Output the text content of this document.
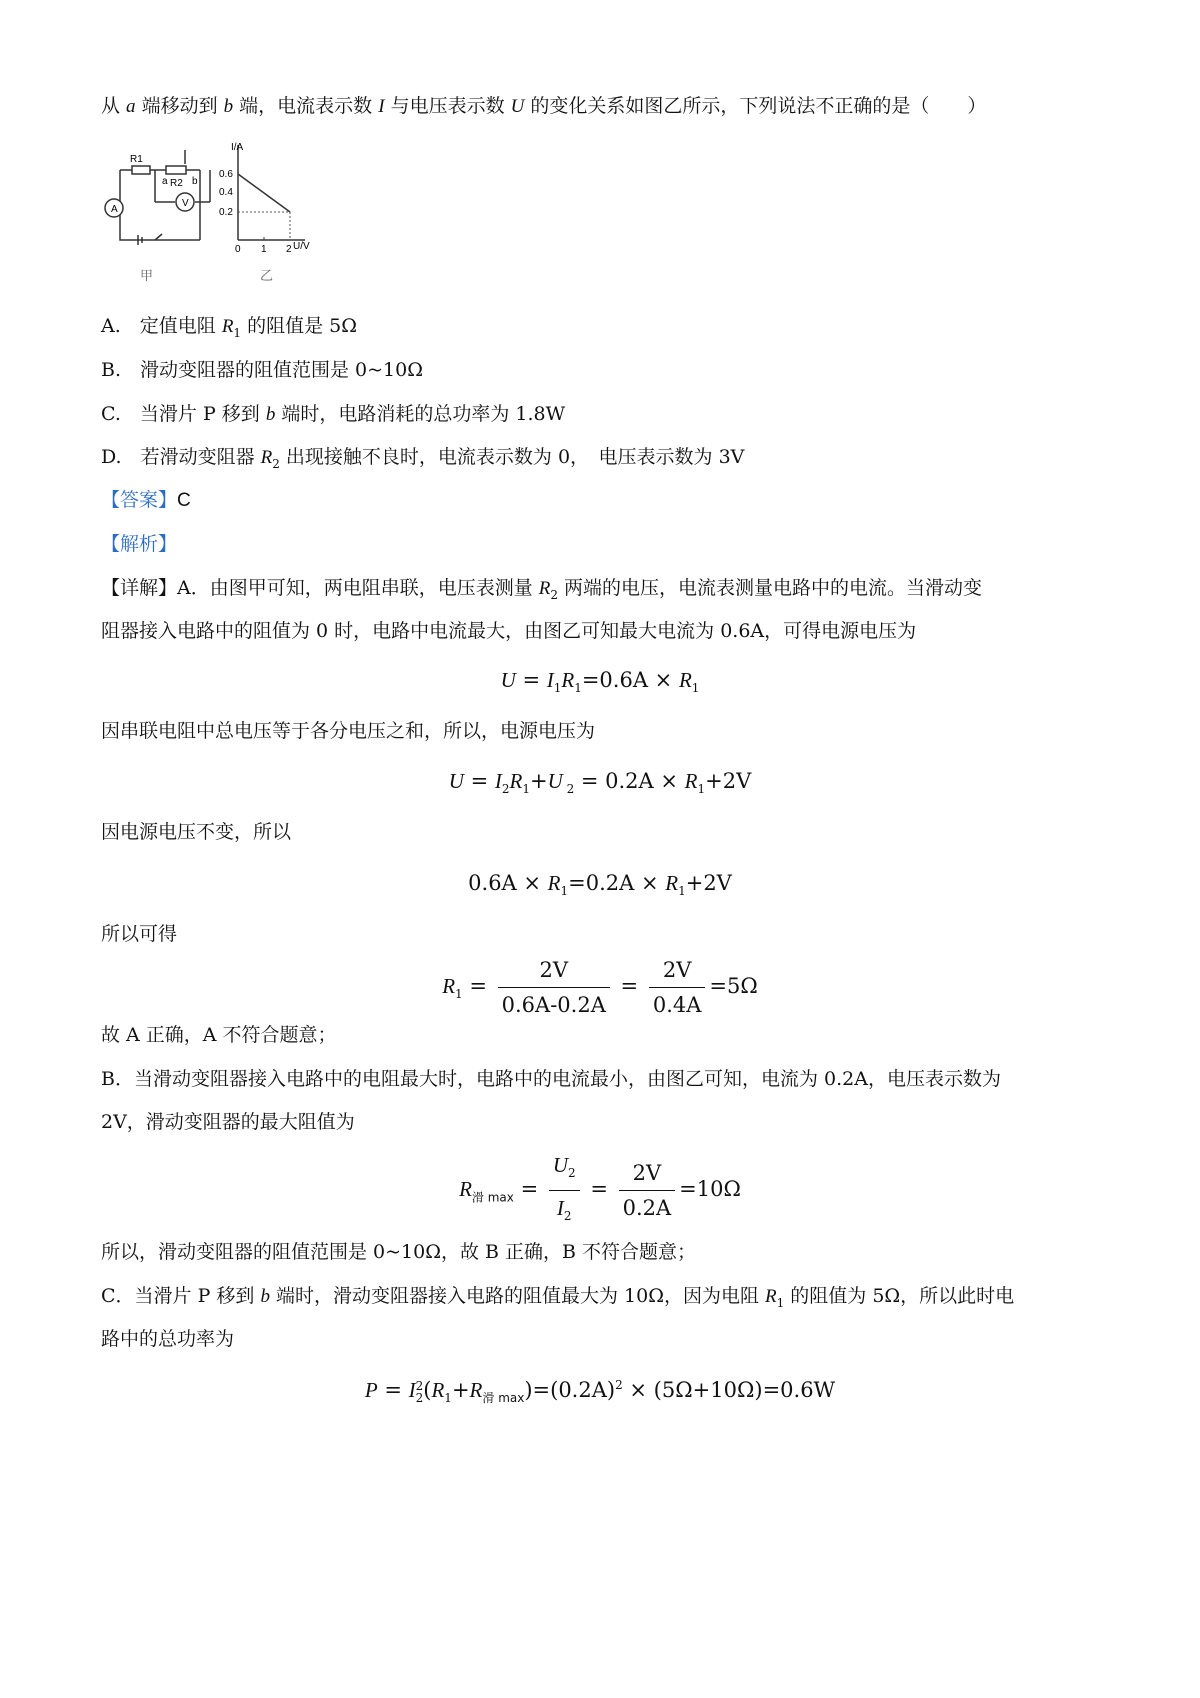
从 a 端移动到 b 端，电流表示数 I 与电压表示数 U 的变化关系如图乙所示，下列说法不正确的是（　　）
R1
R2
a b
A
V
甲
I/A
U/V
0.6
0.4
0.2
0 1 2
乙
A.　定值电阻 $R_1$ 的阻值是 5Ω
B.　滑动变阻器的阻值范围是 0~10Ω
C.　当滑片 P 移到 b 端时，电路消耗的总功率为 1.8W
D.　若滑动变阻器 $R_2$ 出现接触不良时，电流表示数为 0，　电压表示数为 3V
【答案】C
【解析】
【详解】A．由图甲可知，两电阻串联，电压表测量 $R_2$ 两端的电压，电流表测量电路中的电流。当滑动变
阻器接入电路中的阻值为 0 时，电路中电流最大，由图乙可知最大电流为 0.6A，可得电源电压为
$U = I_1R_1=0.6A \times R_1$
因串联电阻中总电压等于各分电压之和，所以，电源电压为
$U = I_2R_1+U$ $_2 = 0.2A \times R_1+2V$
因电源电压不变，所以
$0.6A \times R_1=0.2A \times R_1+2V$
所以可得
$R_1 = \frac{2V}{0.6A-0.2A} = \frac{2V}{0.4A} =5\Omega$
故 A 正确，A 不符合题意；
B．当滑动变阻器接入电路中的电阻最大时，电路中的电流最小，由图乙可知，电流为 0.2A，电压表示数为
2V，滑动变阻器的最大阻值为
$R_{滑 max} = \frac{U_2}{I_2} = \frac{2V}{0.2A} =10\Omega$
所以，滑动变阻器的阻值范围是 0~10Ω，故 B 正确，B 不符合题意；
C．当滑片 P 移到 b 端时，滑动变阻器接入电路的阻值最大为 10Ω，因为电阻 $R_1$ 的阻值为 5Ω，所以此时电
路中的总功率为
P = I 2
2 $(R_1+R_{滑 max})=(0.2A)^2 \times (5\Omega+10\Omega)=0.6W$
